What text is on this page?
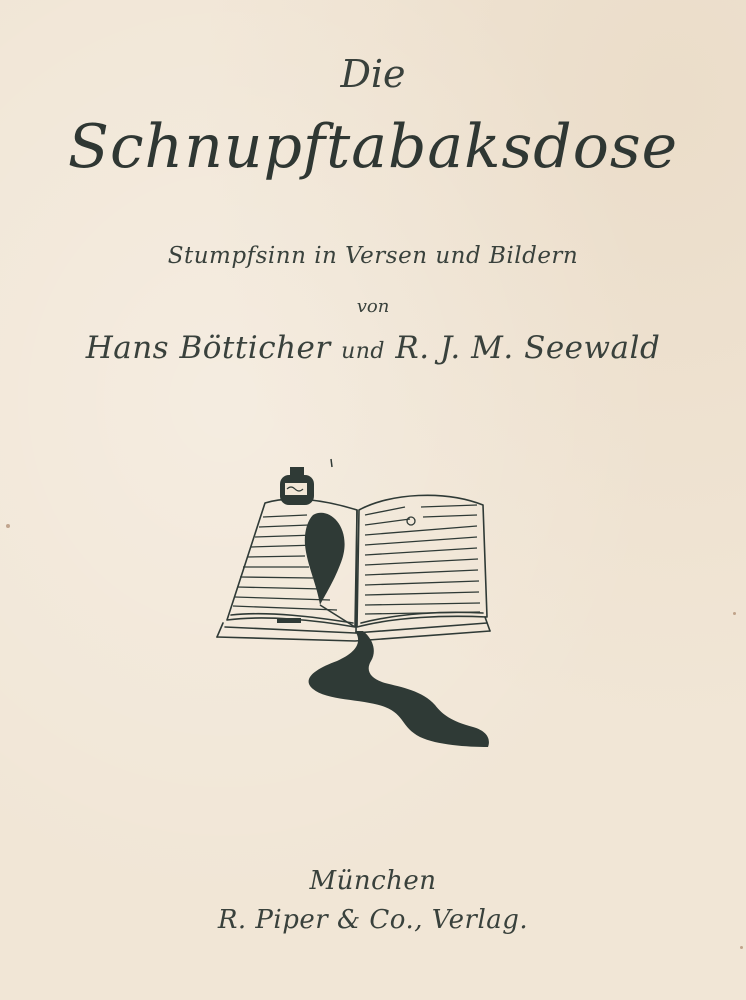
Die
Schnupftabaksdose
Stumpfsinn in Versen und Bildern
von
Hans Bötticher und R. J. M. Seewald
München
R. Piper & Co., Verlag.
